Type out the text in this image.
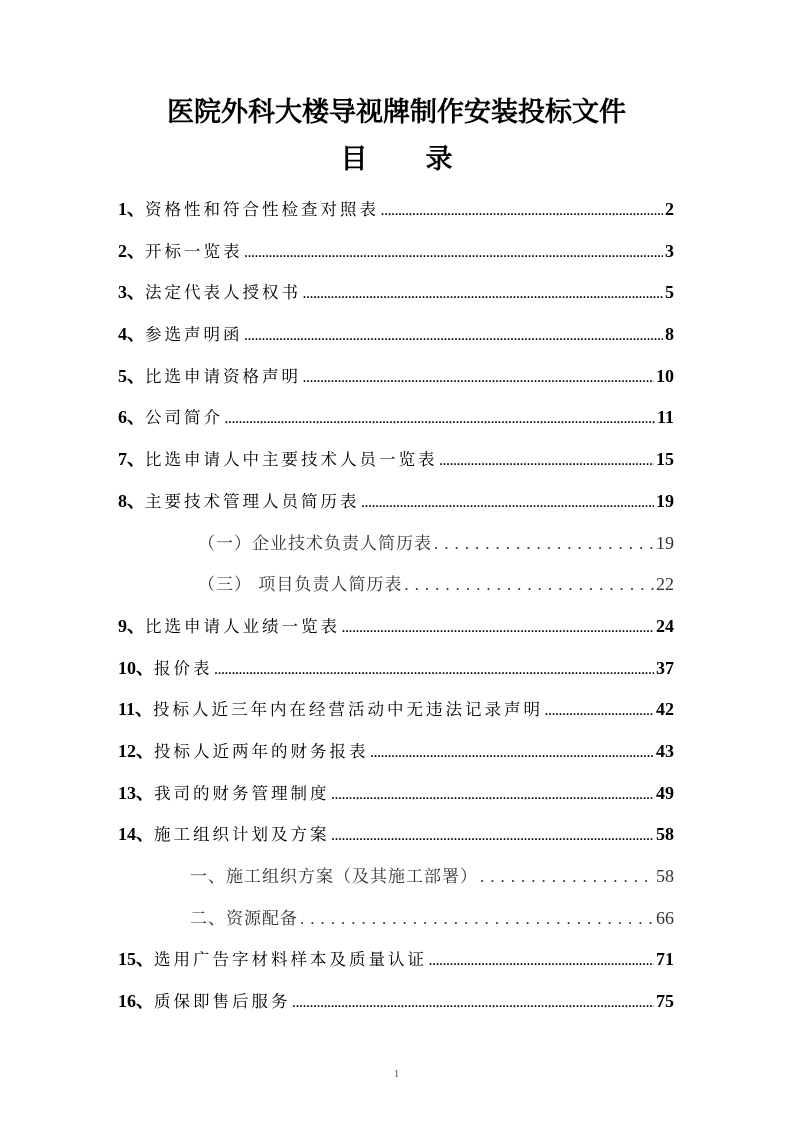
医院外科大楼导视牌制作安装投标文件
目 录
1、 资格性和符合性检查对照表 .....	2
2、 开标一览表 .....	3
3、 法定代表人授权书 .....	5
4、 参选声明函 .....	8
5、 比选申请资格声明 .....	10
6、 公司简介 .....	11
7、 比选申请人中主要技术人员一览表 .....	15
8、 主要技术管理人员简历表 .....	19
（一）企业技术负责人简历表 .....	19
（三） 项目负责人简历表 .....	22
9、 比选申请人业绩一览表 .....	24
10、 报价表 .....	37
11、 投标人近三年内在经营活动中无违法记录声明 .....	42
12、 投标人近两年的财务报表 .....	43
13、 我司的财务管理制度 .....	49
14、 施工组织计划及方案 .....	58
一、施工组织方案（及其施工部署） .....	58
二、资源配备 .....	66
15、 选用广告字材料样本及质量认证 .....	71
16、 质保即售后服务 .....	75
1
